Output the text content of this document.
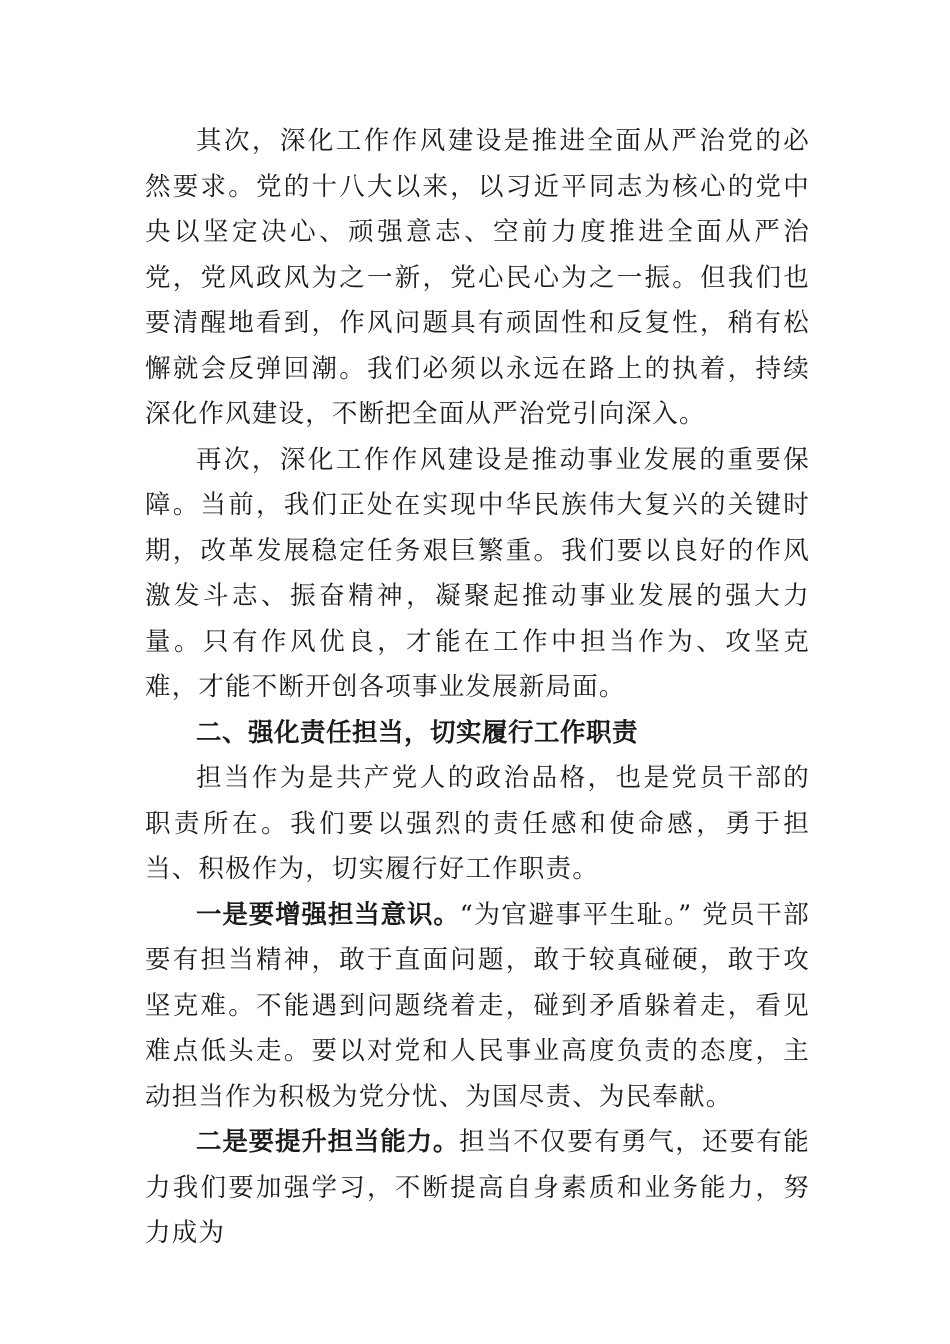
其次，深化工作作风建设是推进全面从严治党的必然要求。党的十八大以来，以习近平同志为核心的党中央以坚定决心、顽强意志、空前力度推进全面从严治党，党风政风为之一新，党心民心为之一振。但我们也要清醒地看到，作风问题具有顽固性和反复性，稍有松懈就会反弹回潮。我们必须以永远在路上的执着，持续深化作风建设，不断把全面从严治党引向深入。

再次，深化工作作风建设是推动事业发展的重要保障。当前，我们正处在实现中华民族伟大复兴的关键时期，改革发展稳定任务艰巨繁重。我们要以良好的作风激发斗志、振奋精神，凝聚起推动事业发展的强大力量。只有作风优良，才能在工作中担当作为、攻坚克难，才能不断开创各项事业发展新局面。

二、强化责任担当，切实履行工作职责

担当作为是共产党人的政治品格，也是党员干部的职责所在。我们要以强烈的责任感和使命感，勇于担当、积极作为，切实履行好工作职责。

一是要增强担当意识。“为官避事平生耻。” 党员干部要有担当精神，敢于直面问题，敢于较真碰硬，敢于攻坚克难。不能遇到问题绕着走，碰到矛盾躲着走，看见难点低头走。要以对党和人民事业高度负责的态度，主动担当作为积极为党分忧、为国尽责、为民奉献。

二是要提升担当能力。担当不仅要有勇气，还要有能力我们要加强学习，不断提高自身素质和业务能力，努力成为
